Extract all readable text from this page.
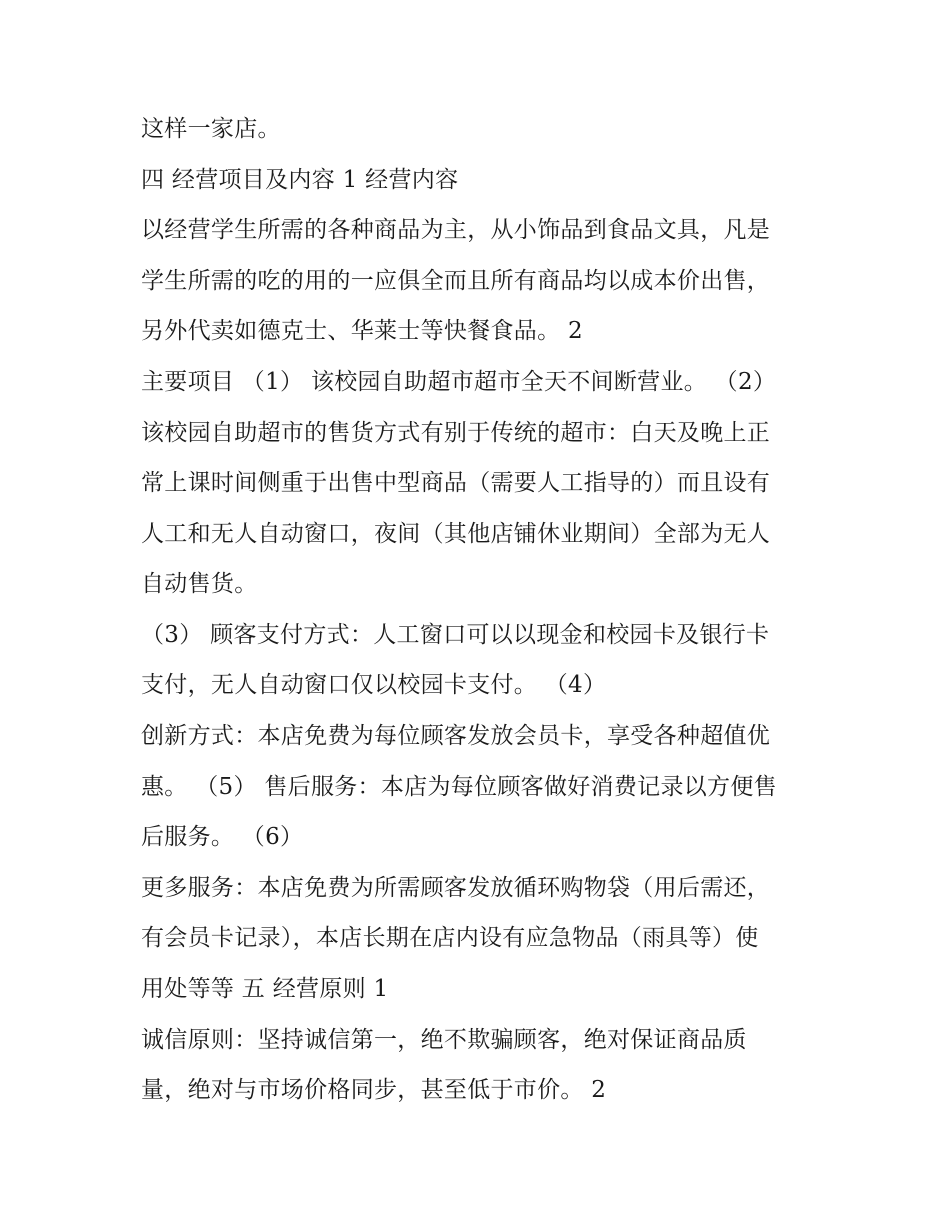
这样一家店。
四 经营项目及内容 1 经营内容
以经营学生所需的各种商品为主，从小饰品到食品文具，凡是
学生所需的吃的用的一应俱全而且所有商品均以成本价出售，
另外代卖如德克士、华莱士等快餐食品。 2
主要项目 （1） 该校园自助超市超市全天不间断营业。 （2）
该校园自助超市的售货方式有别于传统的超市：白天及晚上正
常上课时间侧重于出售中型商品（需要人工指导的）而且设有
人工和无人自动窗口，夜间（其他店铺休业期间）全部为无人
自动售货。
（3） 顾客支付方式：人工窗口可以以现金和校园卡及银行卡
支付，无人自动窗口仅以校园卡支付。 （4）
创新方式：本店免费为每位顾客发放会员卡，享受各种超值优
惠。 （5） 售后服务：本店为每位顾客做好消费记录以方便售
后服务。 （6）
更多服务：本店免费为所需顾客发放循环购物袋（用后需还，
有会员卡记录），本店长期在店内设有应急物品（雨具等）使
用处等等 五 经营原则 1
诚信原则：坚持诚信第一，绝不欺骗顾客，绝对保证商品质
量，绝对与市场价格同步，甚至低于市价。 2
